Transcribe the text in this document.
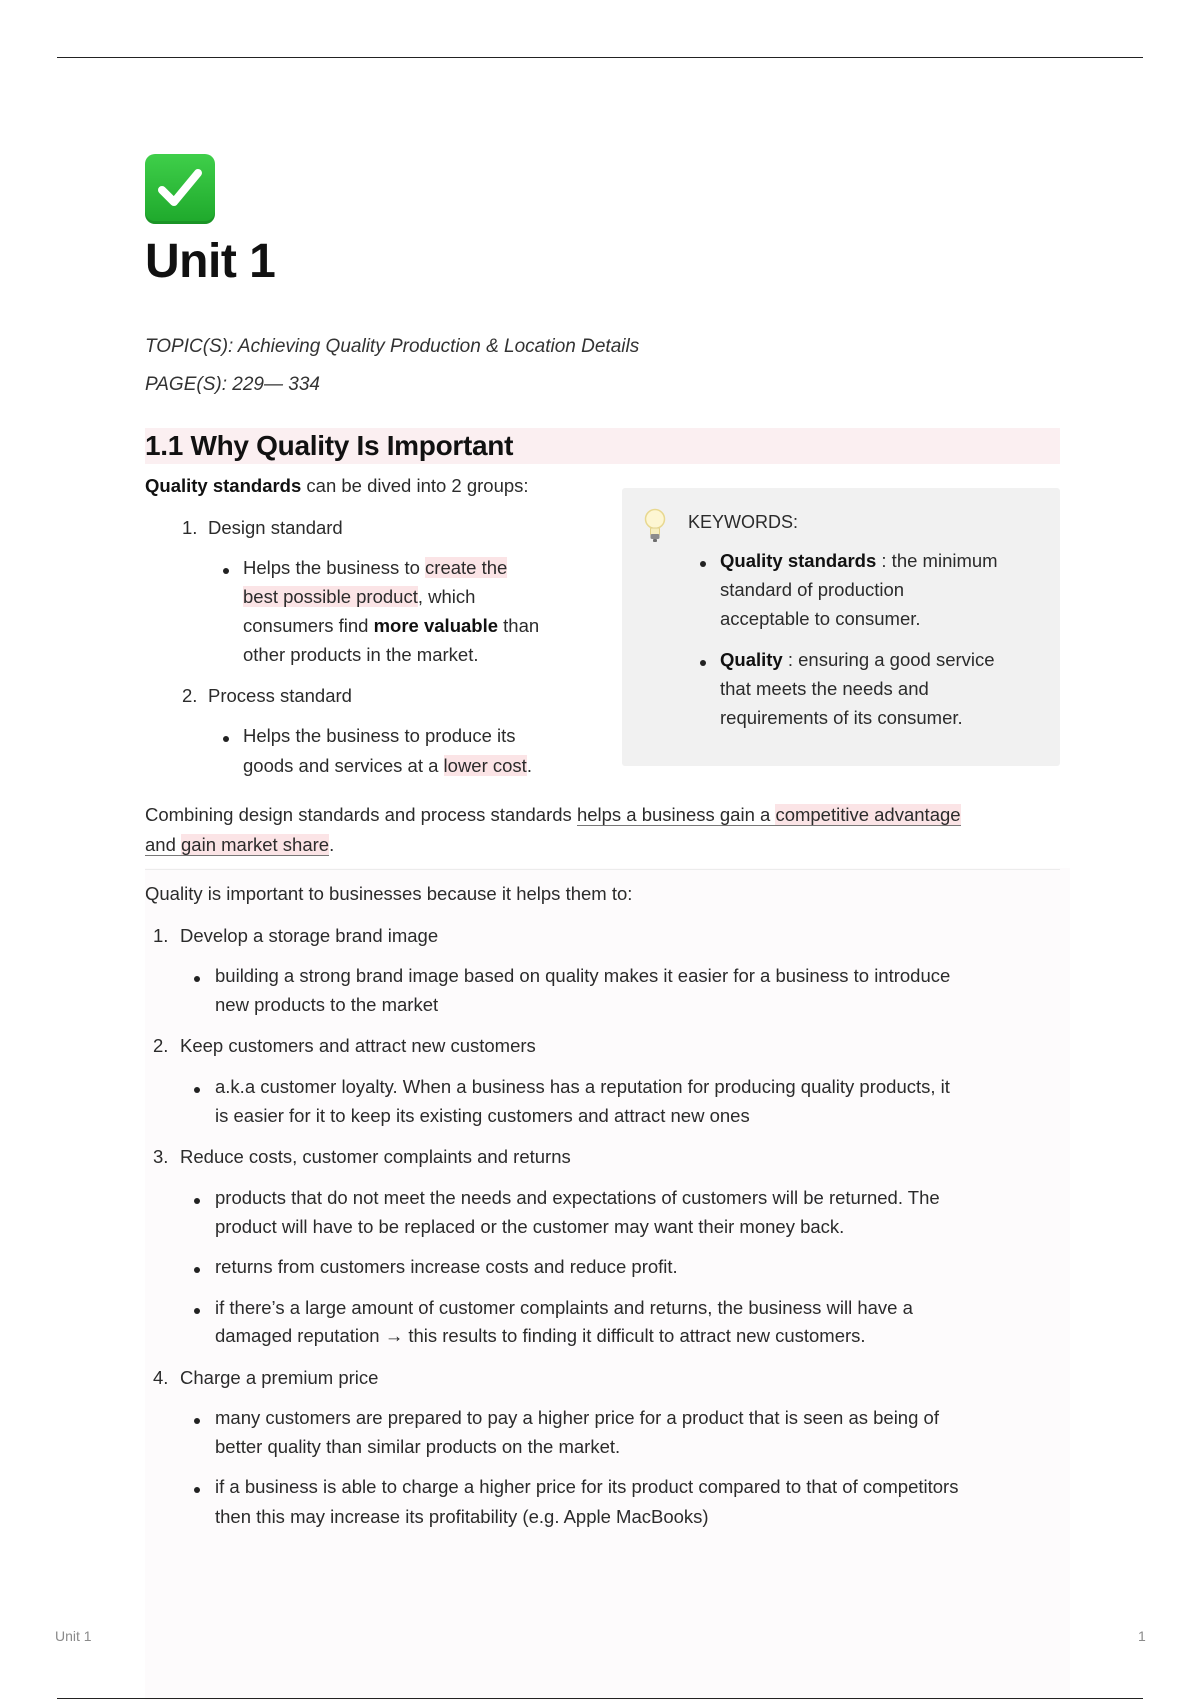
Unit 1
TOPIC(S): Achieving Quality Production & Location Details
PAGE(S): 229— 334
1.1 Why Quality Is Important
Quality standards can be dived into 2 groups:
1. Design standard
Helps the business to create the
best possible product, which
consumers find more valuable than
other products in the market.
2. Process standard
Helps the business to produce its
goods and services at a lower cost.
KEYWORDS:
Quality standards : the minimum
standard of production
acceptable to consumer.
Quality : ensuring a good service
that meets the needs and
requirements of its consumer.
Combining design standards and process standards helps a business gain a competitive advantage
and gain market share.
Quality is important to businesses because it helps them to:
1. Develop a storage brand image
building a strong brand image based on quality makes it easier for a business to introduce
new products to the market
2. Keep customers and attract new customers
a.k.a customer loyalty. When a business has a reputation for producing quality products, it
is easier for it to keep its existing customers and attract new ones
3. Reduce costs, customer complaints and returns
products that do not meet the needs and expectations of customers will be returned. The
product will have to be replaced or the customer may want their money back.
returns from customers increase costs and reduce profit.
if there’s a large amount of customer complaints and returns, the business will have a
damaged reputation → this results to finding it difficult to attract new customers.
4. Charge a premium price
many customers are prepared to pay a higher price for a product that is seen as being of
better quality than similar products on the market.
if a business is able to charge a higher price for its product compared to that of competitors
then this may increase its profitability (e.g. Apple MacBooks)
Unit 1	1
